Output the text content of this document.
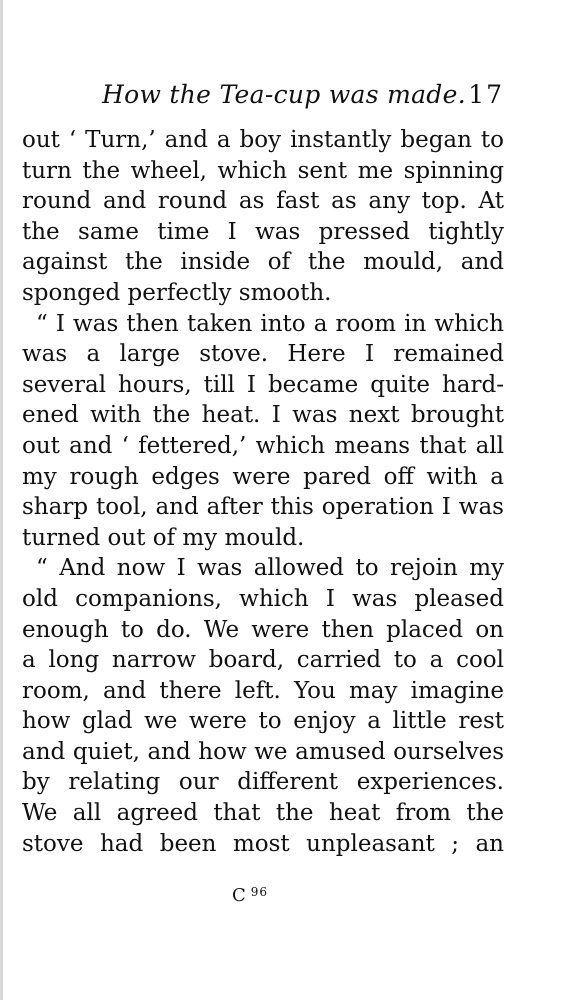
How the Tea-cup was made. 17
out ‘ Turn,’ and a boy instantly began to
turn the wheel, which sent me spinning
round and round as fast as any top. At
the same time I was pressed tightly
against the inside of the mould, and
sponged perfectly smooth.
“ I was then taken into a room in which
was a large stove. Here I remained
several hours, till I became quite hard-
ened with the heat. I was next brought
out and ‘ fettered,’ which means that all
my rough edges were pared off with a
sharp tool, and after this operation I was
turned out of my mould.
“ And now I was allowed to rejoin my
old companions, which I was pleased
enough to do. We were then placed on
a long narrow board, carried to a cool
room, and there left. You may imagine
how glad we were to enjoy a little rest
and quiet, and how we amused ourselves
by relating our different experiences.
We all agreed that the heat from the
stove had been most unpleasant ; an
C $^{96}$
